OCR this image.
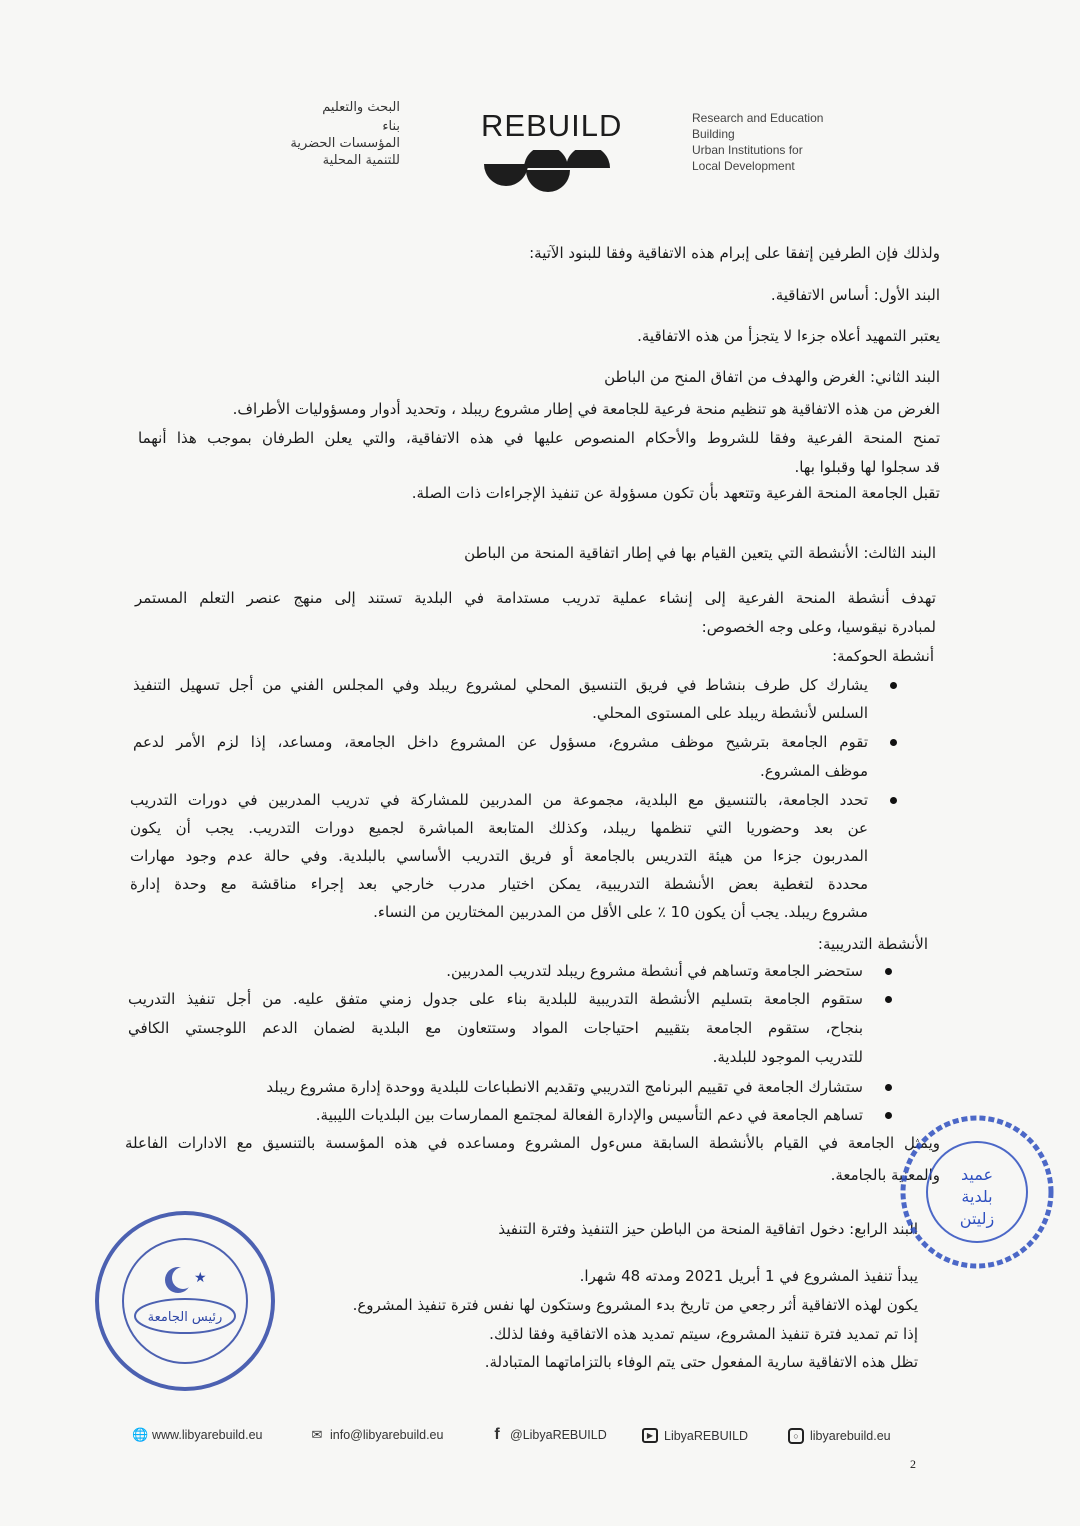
البحث والتعليم
بناء
المؤسسات الحضرية
للتنمية المحلية
REBUILD	Research and Education
Building
Urban Institutions for
Local Development
ولذلك فإن الطرفين إتفقا على إبرام هذه الاتفاقية وفقا للبنود الآتية:
البند الأول: أساس الاتفاقية.
يعتبر التمهيد أعلاه جزءا لا يتجزأ من هذه الاتفاقية.
البند الثاني: الغرض والهدف من اتفاق المنح من الباطن
الغرض من هذه الاتفاقية هو تنظيم منحة فرعية للجامعة في إطار مشروع ريبلد ، وتحديد أدوار ومسؤوليات الأطراف.
تمنح المنحة الفرعية وفقا للشروط والأحكام المنصوص عليها في هذه الاتفاقية، والتي يعلن الطرفان بموجب هذا أنهما
قد سجلوا لها وقبلوا بها.
تقبل الجامعة المنحة الفرعية وتتعهد بأن تكون مسؤولة عن تنفيذ الإجراءات ذات الصلة.
البند الثالث: الأنشطة التي يتعين القيام بها في إطار اتفاقية المنحة من الباطن
تهدف أنشطة المنحة الفرعية إلى إنشاء عملية تدريب مستدامة في البلدية تستند إلى منهج عنصر التعلم المستمر
لمبادرة نيقوسيا، وعلى وجه الخصوص:
أنشطة الحوكمة:
يشارك كل طرف بنشاط في فريق التنسيق المحلي لمشروع ريبلد وفي المجلس الفني من أجل تسهيل التنفيذ
السلس لأنشطة ريبلد على المستوى المحلي.
تقوم الجامعة بترشيح موظف مشروع، مسؤول عن المشروع داخل الجامعة، ومساعد، إذا لزم الأمر لدعم
موظف المشروع.
تحدد الجامعة، بالتنسيق مع البلدية، مجموعة من المدربين للمشاركة في تدريب المدربين في دورات التدريب
عن بعد وحضوريا التي تنظمها ريبلد، وكذلك المتابعة المباشرة لجميع دورات التدريب. يجب أن يكون
المدربون جزءا من هيئة التدريس بالجامعة أو فريق التدريب الأساسي بالبلدية. وفي حالة عدم وجود مهارات
محددة لتغطية بعض الأنشطة التدريبية، يمكن اختيار مدرب خارجي بعد إجراء مناقشة مع وحدة إدارة
مشروع ريبلد. يجب أن يكون 10 ٪ على الأقل من المدربين المختارين من النساء.
الأنشطة التدريبية:
ستحضر الجامعة وتساهم في أنشطة مشروع ريبلد لتدريب المدربين.
ستقوم الجامعة بتسليم الأنشطة التدريبية للبلدية بناء على جدول زمني متفق عليه. من أجل تنفيذ التدريب
بنجاح، ستقوم الجامعة بتقييم احتياجات المواد وستتعاون مع البلدية لضمان الدعم اللوجستي الكافي
للتدريب الموجود للبلدية.
ستشارك الجامعة في تقييم البرنامج التدريبي وتقديم الانطباعات للبلدية ووحدة إدارة مشروع ريبلد
تساهم الجامعة في دعم التأسيس والإدارة الفعالة لمجتمع الممارسات بين البلديات الليبية.
ويمثل الجامعة في القيام بالأنشطة السابقة مسءول المشروع ومساعده في هذه المؤسسة بالتنسيق مع الادارات الفاعلة
والمعنية بالجامعة.
البند الرابع: دخول اتفاقية المنحة من الباطن حيز التنفيذ وفترة التنفيذ
يبدأ تنفيذ المشروع في 1 أبريل 2021 ومدته 48 شهرا.
يكون لهذه الاتفاقية أثر رجعي من تاريخ بدء المشروع وستكون لها نفس فترة تنفيذ المشروع.
إذا تم تمديد فترة تنفيذ المشروع، سيتم تمديد هذه الاتفاقية وفقا لذلك.
تظل هذه الاتفاقية سارية المفعول حتى يتم الوفاء بالتزاماتهما المتبادلة.
★
رئيس الجامعة
عميد
بلدية
زليتن
🌐 www.libyarebuild.eu	✉ info@libyarebuild.eu	f @LibyaREBUILD	▶ LibyaREBUILD	○ libyarebuild.eu
2
